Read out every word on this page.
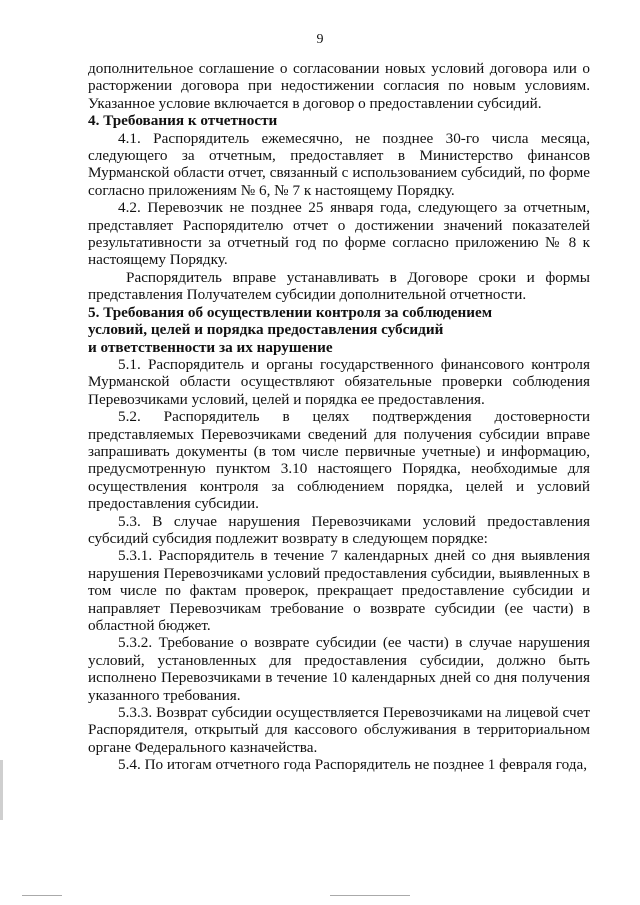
9

дополнительное соглашение о согласовании новых условий договора или о расторжении договора при недостижении согласия по новым условиям. Указанное условие включается в договор о предоставлении субсидий.

4. Требования к отчетности

4.1. Распорядитель ежемесячно, не позднее 30-го числа месяца, следующего за отчетным, предоставляет в Министерство финансов Мурманской области отчет, связанный с использованием субсидий, по форме согласно приложениям № 6, № 7 к настоящему Порядку.

4.2. Перевозчик не позднее 25 января года, следующего за отчетным, представляет Распорядителю отчет о достижении значений показателей результативности за отчетный год по форме согласно приложению № 8 к настоящему Порядку.

Распорядитель вправе устанавливать в Договоре сроки и формы представления Получателем субсидии дополнительной отчетности.

5. Требования об осуществлении контроля за соблюдением
условий, целей и порядка предоставления субсидий
и ответственности за их нарушение

5.1. Распорядитель и органы государственного финансового контроля Мурманской области осуществляют обязательные проверки соблюдения Перевозчиками условий, целей и порядка ее предоставления.

5.2. Распорядитель в целях подтверждения достоверности представляемых Перевозчиками сведений для получения субсидии вправе запрашивать документы (в том числе первичные учетные) и информацию, предусмотренную пунктом 3.10 настоящего Порядка, необходимые для осуществления контроля за соблюдением порядка, целей и условий предоставления субсидии.

5.3. В случае нарушения Перевозчиками условий предоставления субсидий субсидия подлежит возврату в следующем порядке:

5.3.1. Распорядитель в течение 7 календарных дней со дня выявления нарушения Перевозчиками условий предоставления субсидии, выявленных в том числе по фактам проверок, прекращает предоставление субсидии и направляет Перевозчикам требование о возврате субсидии (ее части) в областной бюджет.

5.3.2. Требование о возврате субсидии (ее части) в случае нарушения условий, установленных для предоставления субсидии, должно быть исполнено Перевозчиками в течение 10 календарных дней со дня получения указанного требования.

5.3.3. Возврат субсидии осуществляется Перевозчиками на лицевой счет Распорядителя, открытый для кассового обслуживания в территориальном органе Федерального казначейства.

5.4. По итогам отчетного года Распорядитель не позднее 1 февраля года,
